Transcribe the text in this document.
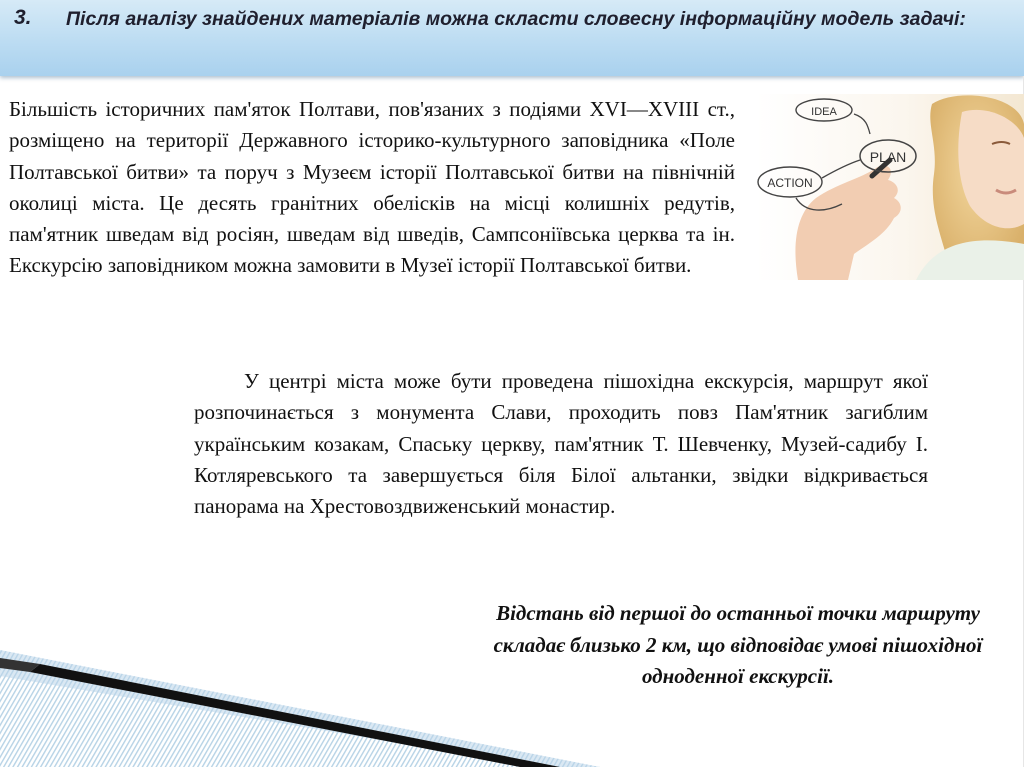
3. Після аналізу знайдених матеріалів можна скласти словесну інформаційну модель задачі:
Більшість історичних пам'яток Полтави, пов'язаних з подіями XVI—XVIII ст., розміщено на території Державного історико-культурного заповідника «Поле Полтавської битви» та поруч з Музеєм історії Полтавської битви на північній околиці міста. Це десять гранітних обелісків на місці колишніх редутів, пам'ятник шведам від росіян, шведам від шведів, Сампсоніївська церква та ін. Екскурсію заповідником можна замовити в Музеї історії Полтавської битви.
IDEA
PLAN
ACTION
У центрі міста може бути проведена пішохідна екскурсія, маршрут якої розпочинається з монумента Слави, проходить повз Пам'ятник загиблим українським козакам, Спаську церкву, пам'ятник Т. Шевченку, Музей-садибу І. Котляревського та завершується біля Білої альтанки, звідки відкривається панорама на Хрестовоздвиженський монастир.
Відстань від першої до останньої точки маршруту складає близько 2 км, що відповідає умові пішохідної одноденної екскурсії.
